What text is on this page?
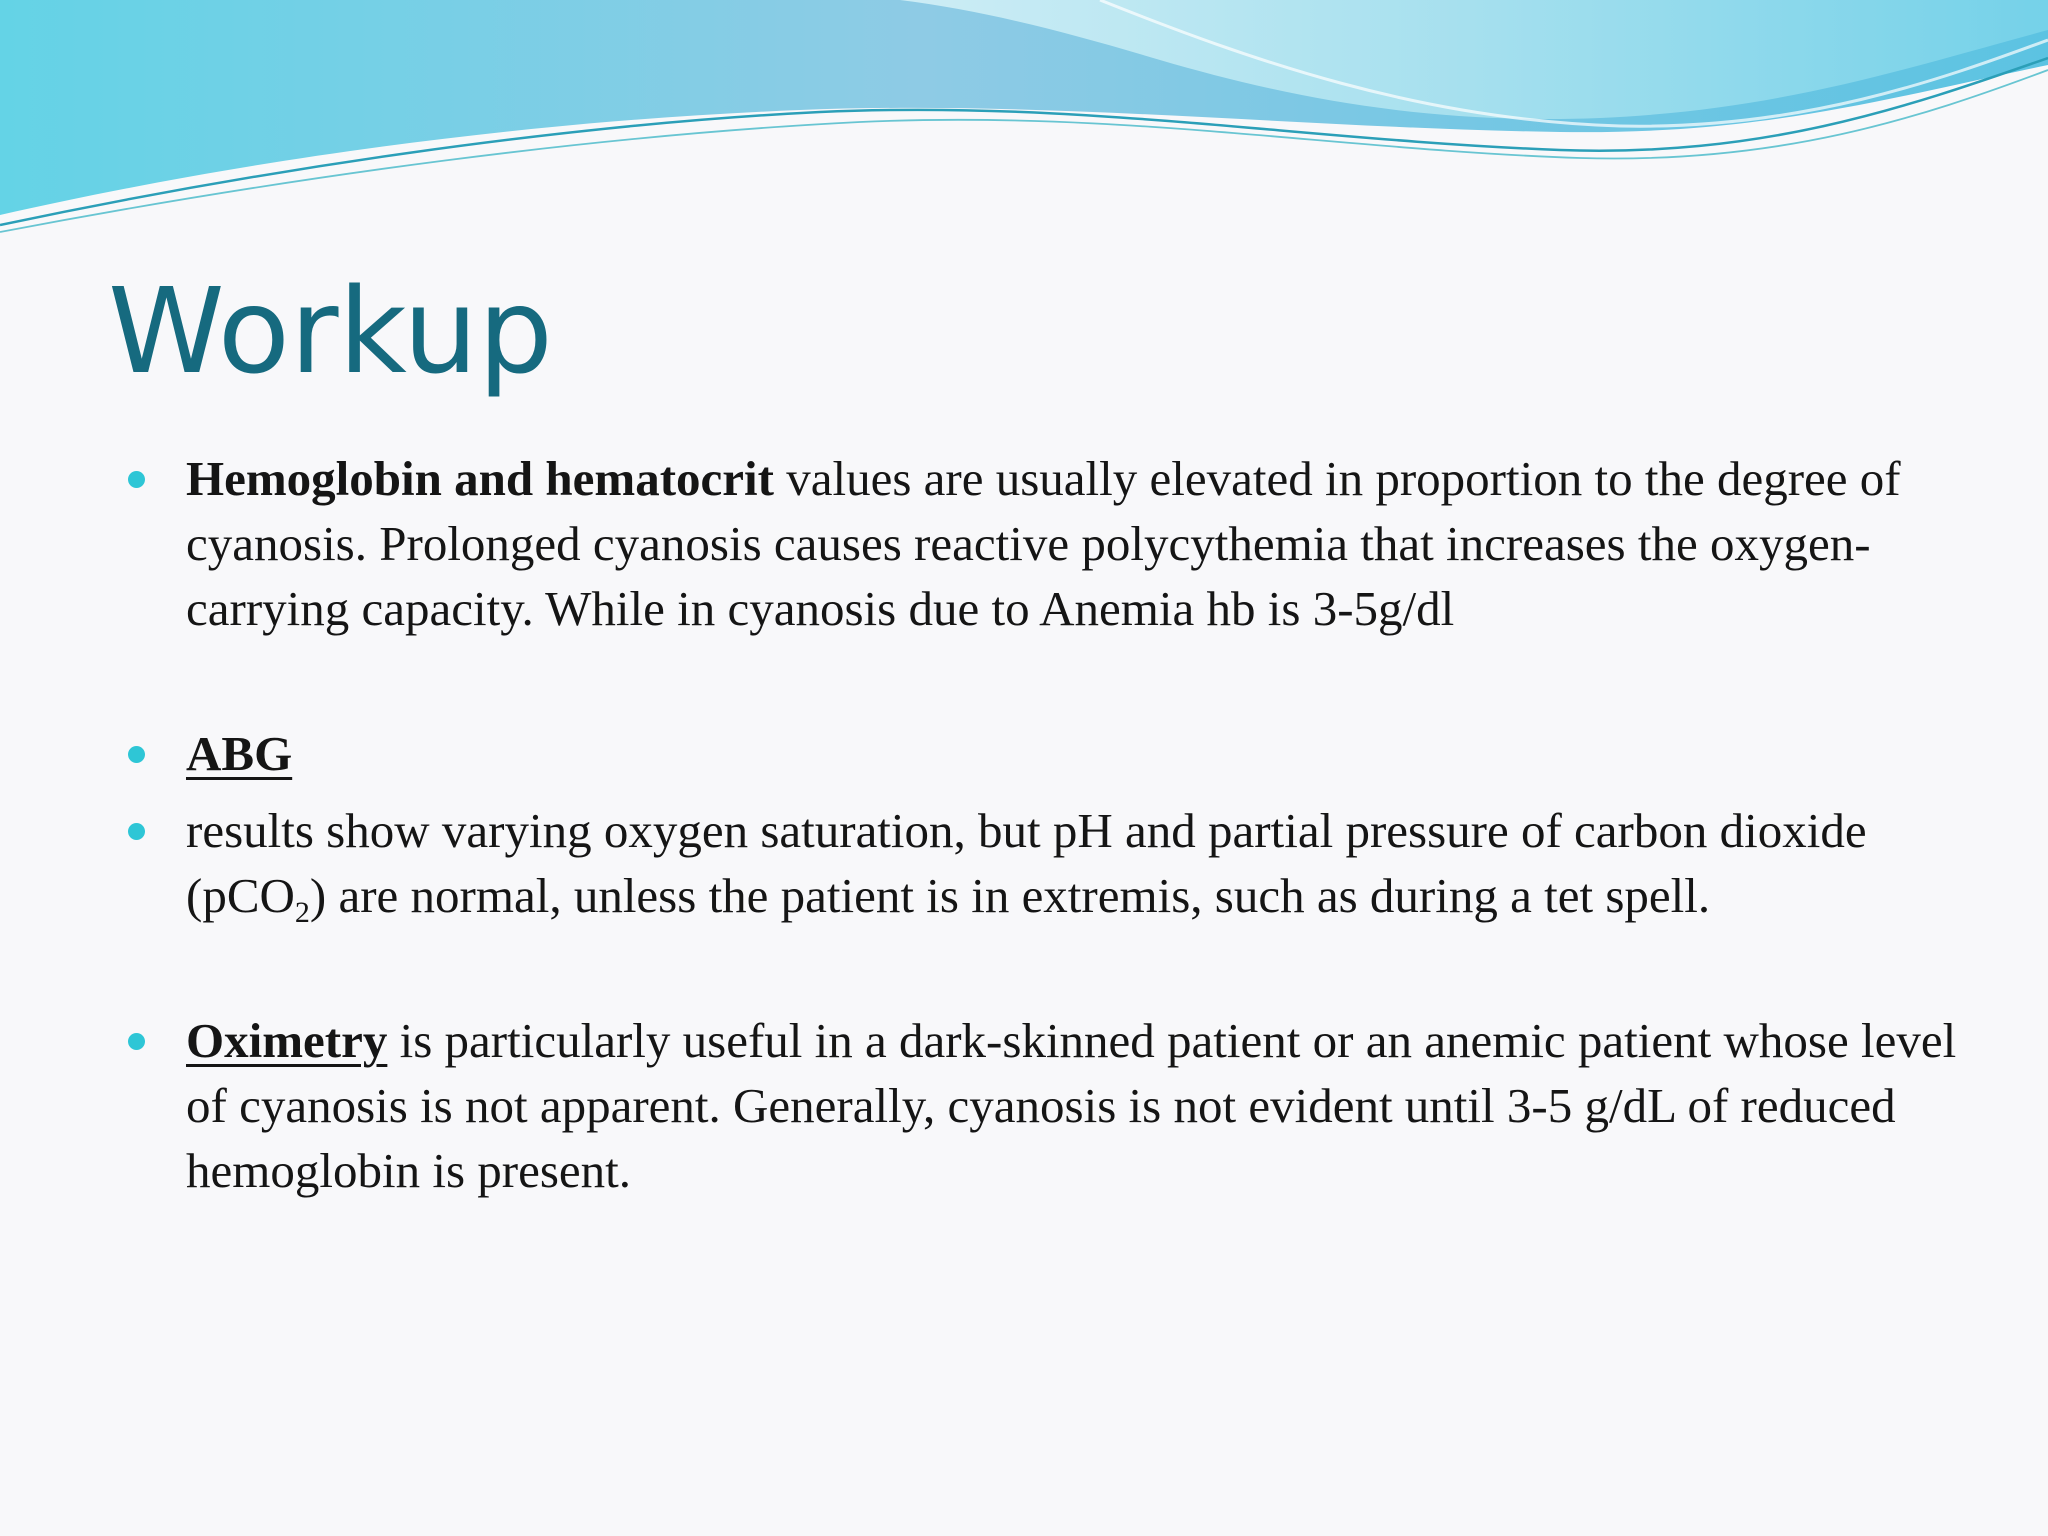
Workup
Hemoglobin and hematocrit values are usually elevated in proportion to the degree of cyanosis. Prolonged cyanosis causes reactive polycythemia that increases the oxygen-carrying capacity. While in cyanosis due to Anemia hb is 3-5g/dl
ABG
results show varying oxygen saturation, but pH and partial pressure of carbon dioxide (pCO$_2$) are normal, unless the patient is in extremis, such as during a tet spell.
Oximetry is particularly useful in a dark-skinned patient or an anemic patient whose level of cyanosis is not apparent. Generally, cyanosis is not evident until 3-5 g/dL of reduced hemoglobin is present.
